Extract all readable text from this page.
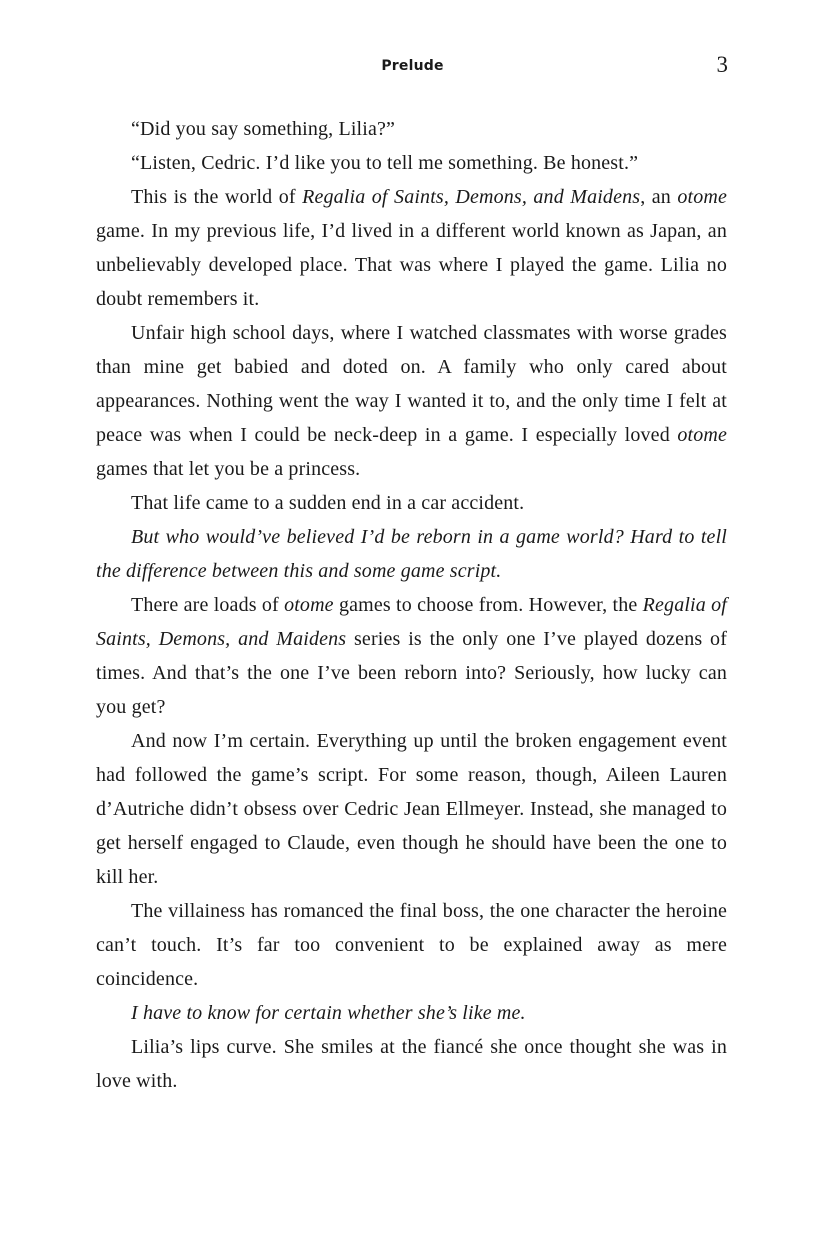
Prelude	3

“Did you say something, Lilia?”

“Listen, Cedric. I’d like you to tell me something. Be honest.”

This is the world of Regalia of Saints, Demons, and Maidens, an otome game. In my previous life, I’d lived in a different world known as Japan, an unbelievably developed place. That was where I played the game. Lilia no doubt remembers it.

Unfair high school days, where I watched classmates with worse grades than mine get babied and doted on. A family who only cared about appearances. Nothing went the way I wanted it to, and the only time I felt at peace was when I could be neck-deep in a game. I especially loved otome games that let you be a princess.

That life came to a sudden end in a car accident.

But who would’ve believed I’d be reborn in a game world? Hard to tell the difference between this and some game script.

There are loads of otome games to choose from. However, the Regalia of Saints, Demons, and Maidens series is the only one I’ve played dozens of times. And that’s the one I’ve been reborn into? Seriously, how lucky can you get?

And now I’m certain. Everything up until the broken engagement event had followed the game’s script. For some reason, though, Aileen Lauren d’Autriche didn’t obsess over Cedric Jean Ellmeyer. Instead, she managed to get herself engaged to Claude, even though he should have been the one to kill her.

The villainess has romanced the final boss, the one character the heroine can’t touch. It’s far too convenient to be explained away as mere coincidence.

I have to know for certain whether she’s like me.

Lilia’s lips curve. She smiles at the fiancé she once thought she was in love with.
